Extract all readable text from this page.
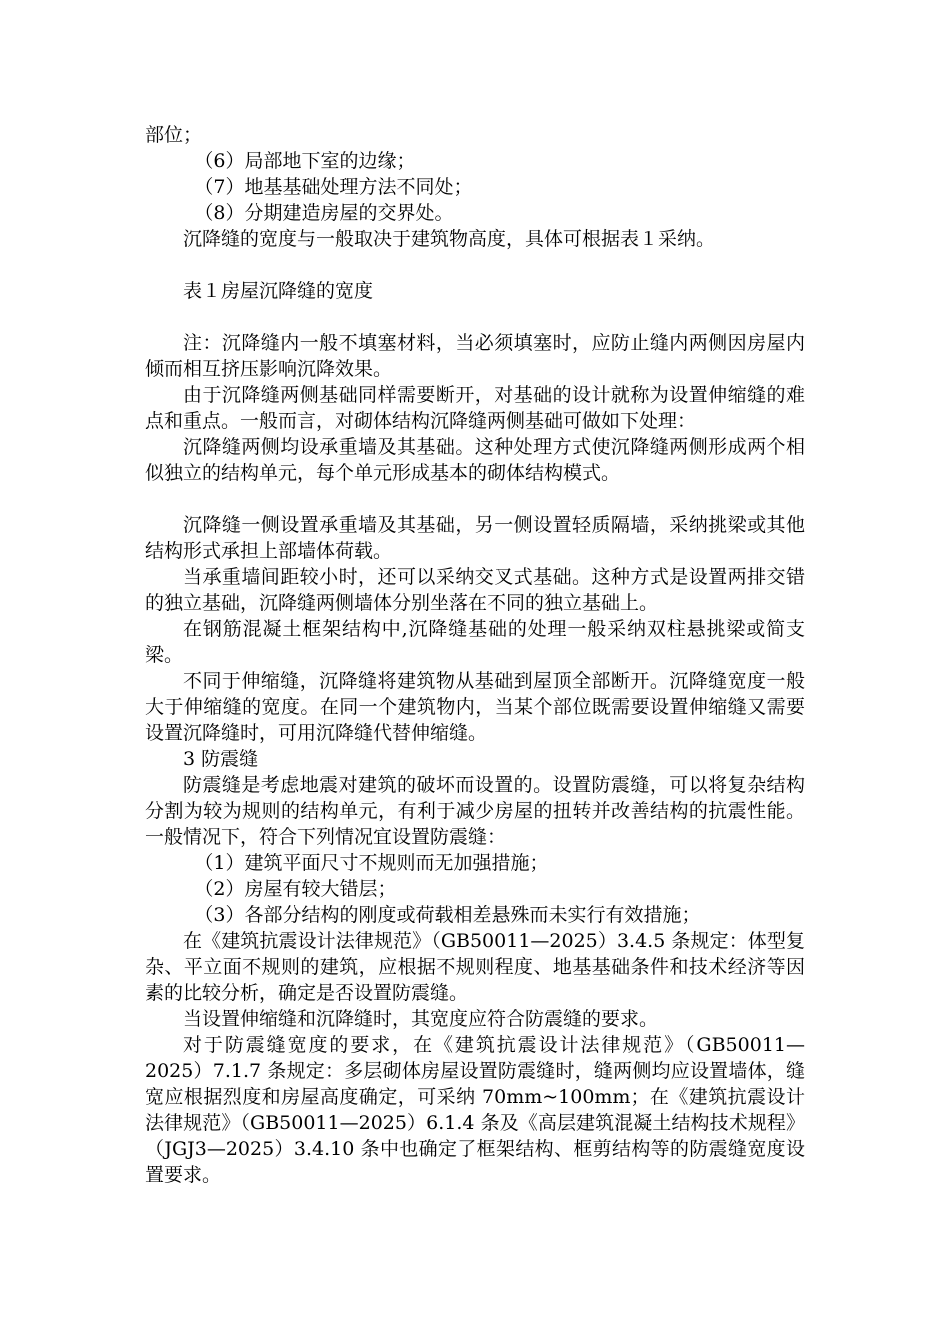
部位；

（6）局部地下室的边缘；

（7）地基基础处理方法不同处；

（8）分期建造房屋的交界处。

沉降缝的宽度与一般取决于建筑物高度，具体可根据表１采纳。

表１房屋沉降缝的宽度

注：沉降缝内一般不填塞材料，当必须填塞时，应防止缝内两侧因房屋内倾而相互挤压影响沉降效果。

由于沉降缝两侧基础同样需要断开，对基础的设计就称为设置伸缩缝的难点和重点。一般而言，对砌体结构沉降缝两侧基础可做如下处理：

沉降缝两侧均设承重墙及其基础。这种处理方式使沉降缝两侧形成两个相似独立的结构单元，每个单元形成基本的砌体结构模式。

沉降缝一侧设置承重墙及其基础，另一侧设置轻质隔墙，采纳挑梁或其他结构形式承担上部墙体荷载。

当承重墙间距较小时，还可以采纳交叉式基础。这种方式是设置两排交错的独立基础，沉降缝两侧墙体分别坐落在不同的独立基础上。

在钢筋混凝土框架结构中,沉降缝基础的处理一般采纳双柱悬挑梁或简支梁。

不同于伸缩缝，沉降缝将建筑物从基础到屋顶全部断开。沉降缝宽度一般大于伸缩缝的宽度。在同一个建筑物内，当某个部位既需要设置伸缩缝又需要设置沉降缝时，可用沉降缝代替伸缩缝。

3 防震缝

防震缝是考虑地震对建筑的破坏而设置的。设置防震缝，可以将复杂结构分割为较为规则的结构单元，有利于减少房屋的扭转并改善结构的抗震性能。一般情况下，符合下列情况宜设置防震缝：

（1）建筑平面尺寸不规则而无加强措施；

（2）房屋有较大错层；

（3）各部分结构的刚度或荷载相差悬殊而未实行有效措施；

在《建筑抗震设计法律规范》（GB50011—2025）3.4.5 条规定：体型复杂、平立面不规则的建筑，应根据不规则程度、地基基础条件和技术经济等因素的比较分析，确定是否设置防震缝。

当设置伸缩缝和沉降缝时，其宽度应符合防震缝的要求。

对于防震缝宽度的要求，在《建筑抗震设计法律规范》（GB50011—2025）7.1.7 条规定：多层砌体房屋设置防震缝时，缝两侧均应设置墙体，缝宽应根据烈度和房屋高度确定，可采纳 70mm~100mm；在《建筑抗震设计法律规范》（GB50011—2025）6.1.4 条及《高层建筑混凝土结构技术规程》（JGJ3—2025）3.4.10 条中也确定了框架结构、框剪结构等的防震缝宽度设置要求。
